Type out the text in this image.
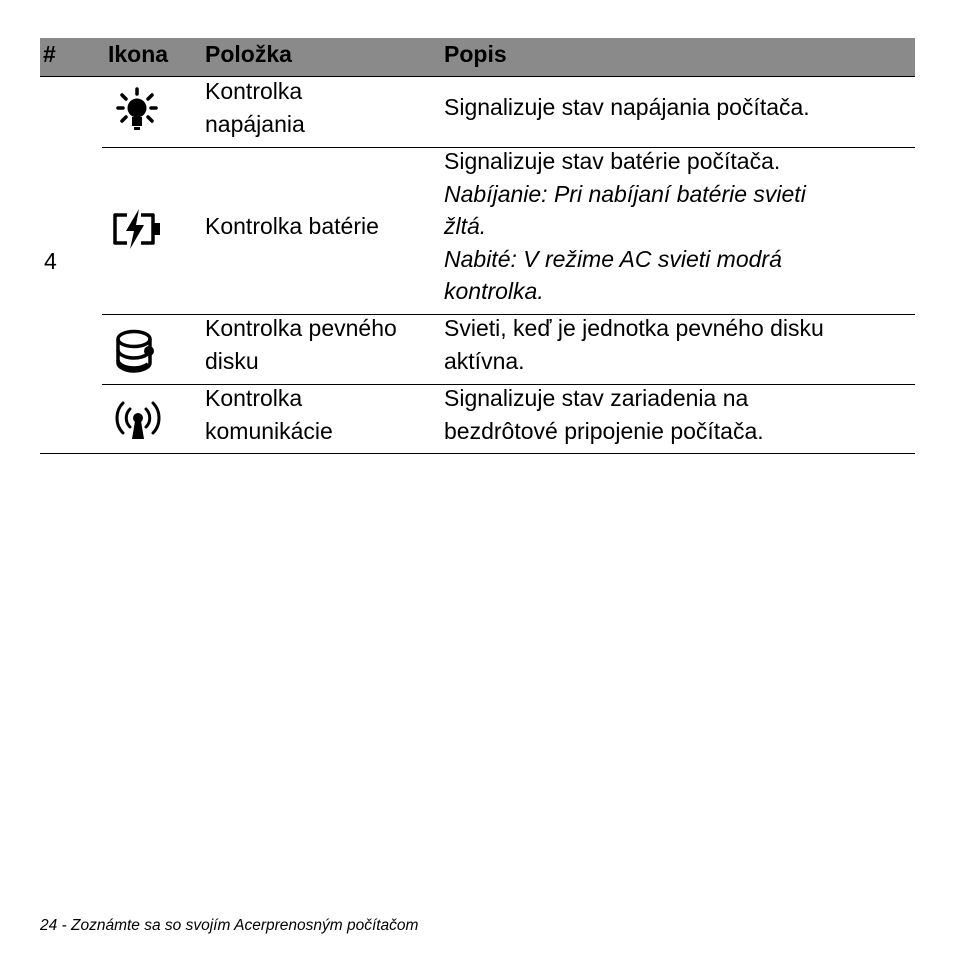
# Ikona Položka	Popis
4
Kontrolka
napájania
Signalizuje stav napájania počítača.
Kontrolka batérie
Signalizuje stav batérie počítača.
Nabíjanie: Pri nabíjaní batérie svieti
žltá.
Nabité: V režime AC svieti modrá
kontrolka.
Kontrolka pevného
disku
Svieti, keď je jednotka pevného disku
aktívna.
Kontrolka
komunikácie
Signalizuje stav zariadenia na
bezdrôtové pripojenie počítača.
24 - Zoznámte sa so svojím Acerprenosným počítačom
